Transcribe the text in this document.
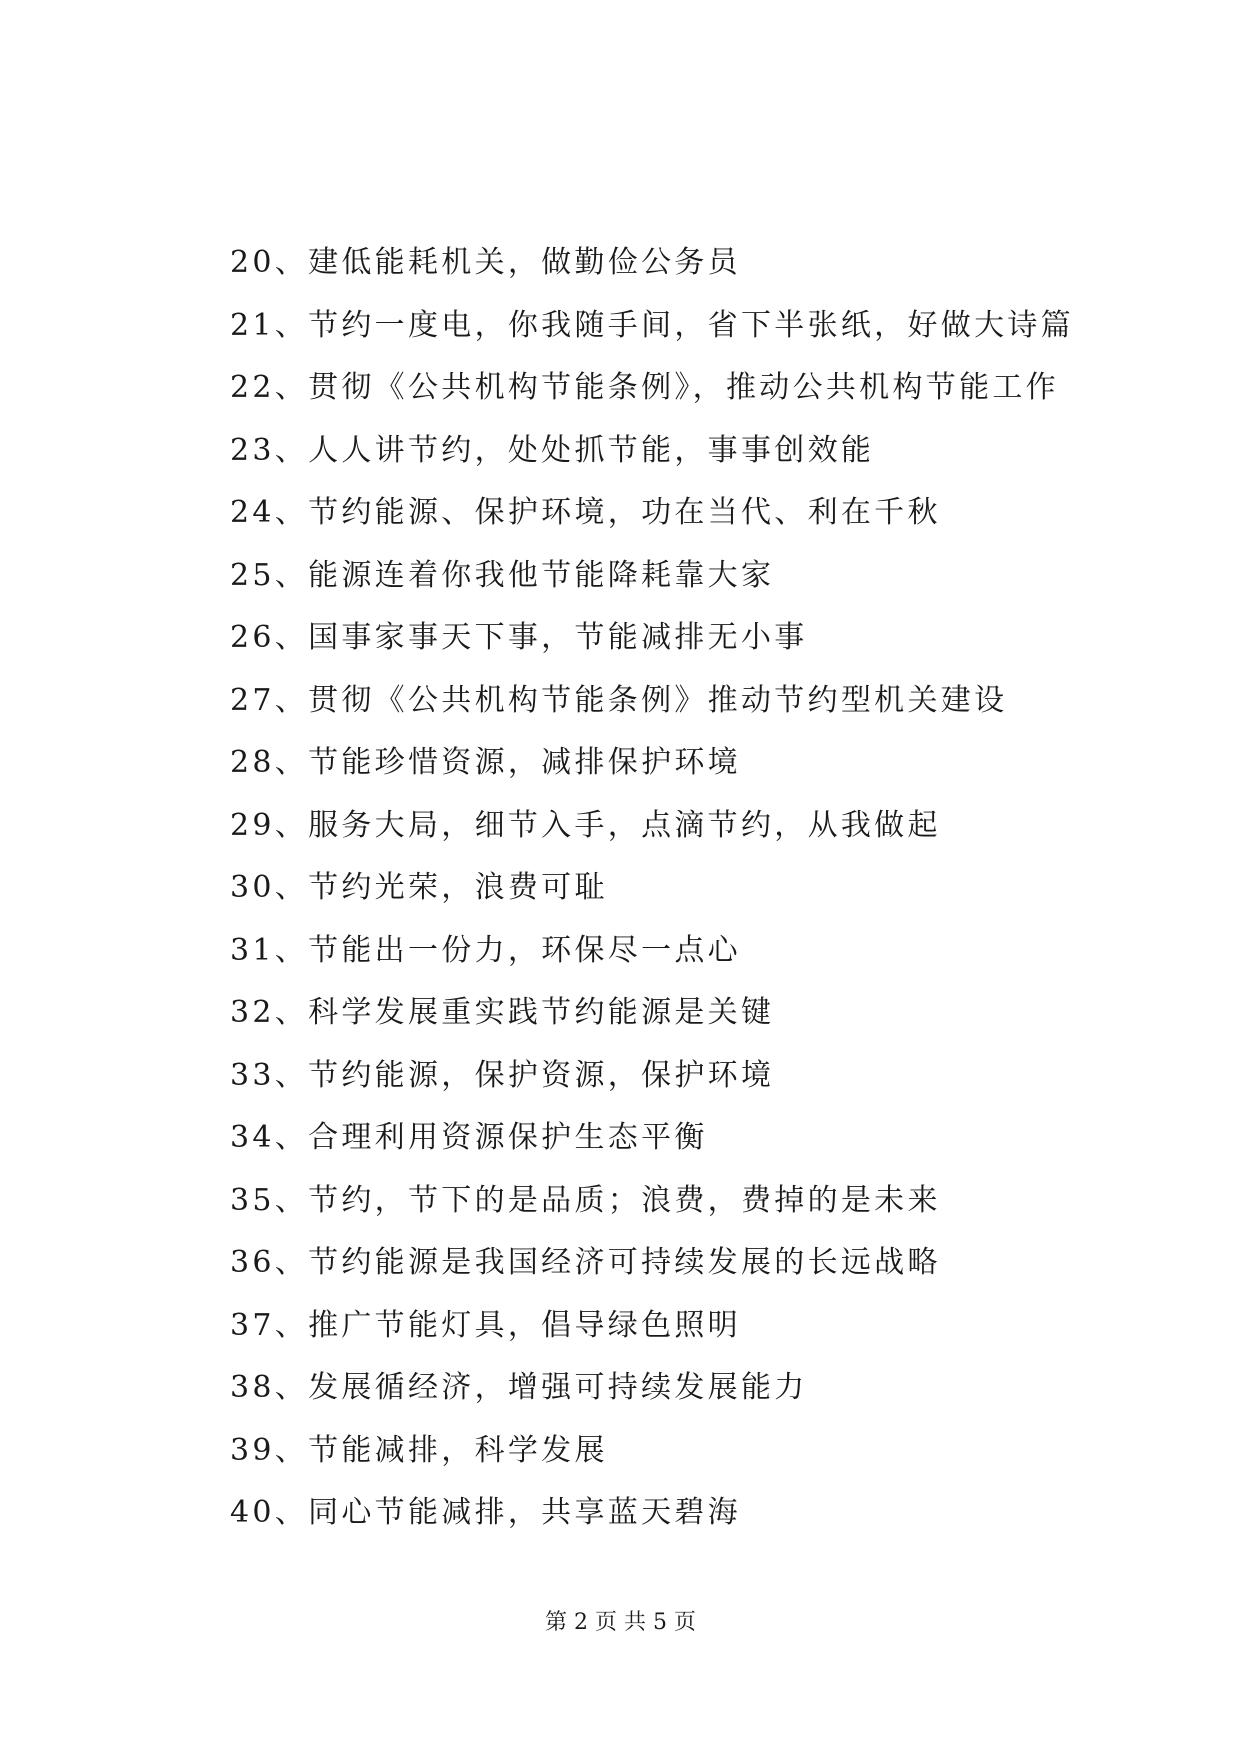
20、建低能耗机关，做勤俭公务员
21、节约一度电，你我随手间，省下半张纸，好做大诗篇
22、贯彻《公共机构节能条例》，推动公共机构节能工作
23、人人讲节约，处处抓节能，事事创效能
24、节约能源、保护环境，功在当代、利在千秋
25、能源连着你我他节能降耗靠大家
26、国事家事天下事，节能减排无小事
27、贯彻《公共机构节能条例》推动节约型机关建设
28、节能珍惜资源，减排保护环境
29、服务大局，细节入手，点滴节约，从我做起
30、节约光荣，浪费可耻
31、节能出一份力，环保尽一点心
32、科学发展重实践节约能源是关键
33、节约能源，保护资源，保护环境
34、合理利用资源保护生态平衡
35、节约，节下的是品质；浪费，费掉的是未来
36、节约能源是我国经济可持续发展的长远战略
37、推广节能灯具，倡导绿色照明
38、发展循经济，增强可持续发展能力
39、节能减排，科学发展
40、同心节能减排，共享蓝天碧海
第 2 页 共 5 页
